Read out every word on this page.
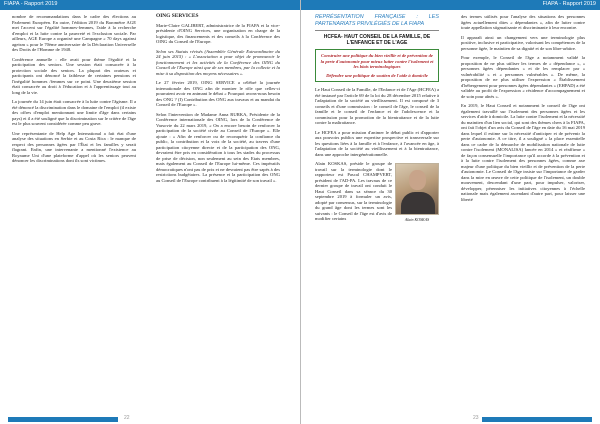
FIAPA - Rapport 2019

nombre de recommandations dans le cadre des élections au Parlement Européen. En outre, l'édition 2019 du Baromètre AGE met l'accent sur l'égalité hommes-femmes, l'aide à la recherche d'emploi et la lutte contre la pauvreté et l'exclusion sociale. Par ailleurs, AGE Europe a organisé une Campagne « 70 days against ageism » pour le 70ème anniversaire de la Déclaration Universelle des Droits de l'Homme de 1948.

Conférence annuelle : elle avait pour thème l'égalité et la participation des seniors. Une session était consacrée à la protection sociale des seniors. La plupart des orateurs et participants ont dénoncé la faiblesse de certaines pensions et l'inégalité hommes /femmes sur ce point. Une deuxième session était consacrée au droit à l'éducation et à l'apprentissage tout au long de la vie.

La journée du 14 juin était consacrée à la lutte contre l'âgisme. Il a été dénoncé la discrimination dans le domaine de l'emploi (il existe des offres d'emploi mentionnant une limite d'âge dans certains pays) et il a été souligné que la discrimination sur le critère de l'âge est le plus souvent considérée comme peu grave.

Une représentante de Help Age International a fait état d'une analyse des situations en Serbie et au Costa Rica : le manque de respect des personnes âgées par l'État et les familles y serait flagrant. Enfin, une intervenante a mentionné l'existence au Royaume Uni d'une plateforme d'appel où les seniors peuvent dénoncer les discriminations dont ils sont victimes.

OING SERVICES

Marie-Claire GALIBERT, administratrice de la FIAPA et la vice-présidente d'OING Services, une organisation en charge de la logistique, des financements et des conseils à la Conférence des OING du Conseil de l'Europe.

Selon ses Statuts révisés (Assemblée Générale Extraordinaire du 24 juin 2015) : « L'association a pour objet de promouvoir le fonctionnement et les activités de la Conférence des OING du Conseil de l'Europe ainsi que de ses membres, par la collecte et la mise à sa disposition des moyens nécessaires ».

Le 27 février 2019, OING SERVICE a célébré la journée internationale des ONG afin de montrer le rôle que celles-ci pourraient avoir en animant le débat « Pourquoi avons-nous besoin des ONG ? (I) Contribution des ONG aux travaux et au mandat du Conseil de l'Europe ».

Selon l'intervention de Madame Anna RURKA, Présidente de la Conférence internationale des OING, lors de la Conférence de Varsovie du 22 mars 2019, « On a encore besoin de renforcer la participation de la société civile au Conseil de l'Europe ». Elle ajoute : « Afin de renforcer ou de reconquérir la confiance du public, la contribution et la voix de la société, au travers d'une participation citoyenne directe et de la participation des ONG, devraient être pris en considération à tous les stades du processus de prise de décision, non seulement au sein des Etats membres, mais également au Conseil de l'Europe lui-même. Ces impératifs démocratiques n'ont pas de prix et ne devraient pas être sapés à des restrictions budgétaires. La présence et la participation des ONG au Conseil de l'Europe contribuent à la légitimité de son travail ».

22
FIAPA - Rapport 2019
REPRÉSENTATION FRANÇAISE : LES PARTENARIATS PRIVILÉGIÉS DE LA FIAPA
HCFEA- HAUT CONSEIL DE LA FAMILLE, DE L'ENFANCE ET DE L'AGE

Construire une politique du bien vieillir et de prévention de la perte d'autonomie pour mieux lutter contre l'isolement et les biais terminologiques

Défendre une politique de soutien de l'aide à domicile

Le Haut Conseil de la Famille, de l'Enfance et de l'Age (HCFEA) a été instauré par l'article 69 de la loi du 28 décembre 2015 relative à l'adaptation de la société au vieillissement. Il est composé de 3 conseils et d'une commission : le conseil de l'âge, le conseil de la famille et le conseil de l'enfance et de l'adolescence et la commission pour la promotion de la bientraitance et de la lutte contre la maltraitance.

Le HCFEA a pour mission d'animer le débat public et d'apporter aux pouvoirs publics une expertise prospective et transversale sur les questions liées à la famille et à l'enfance, à l'avancée en âge, à l'adaptation de la société au vieillissement et à la bientraitance, dans une approche intergénérationnelle.

Alain KOSKAS

Alain KOSKAS, préside le groupe de travail sur la terminologie dont le rapporteur est Pascal CHAMPVERT, président de l'AD-PA. Les travaux de ce dernier groupe de travail ont conduit le Haut Conseil dans sa séance du 30 septembre 2019 à formuler un avis, adopté par consensus, sur la terminologie du grand âge dont les termes sont les suivants : le Conseil de l'âge est d'avis de modifier certains

des termes utilisés pour l'analyse des situations des personnes âgées actuellement dites « dépendantes », afin de lutter contre toute appellation stigmatisante et discriminante à leur encontre.

Il apparaît ainsi un changement vers une terminologie plus positive, inclusive et participative, valorisant les compétences de la personne âgée, le maintien de sa dignité et de son libre-arbitre.

Pour exemple, le Conseil de l'âge a notamment validé la proposition de ne plus utiliser les termes de « dépendance », « personnes âgées dépendantes » et de les remplacer par « vulnérabilité » et « personnes vulnérables ». De même, la proposition de ne plus utiliser l'expression « Établissement d'hébergement pour personnes âgées dépendantes » (EHPAD) a été validée au profit de l'expression « résidence d'accompagnement et de soin pour aînés ».

En 2019, le Haut Conseil et notamment le conseil de l'âge ont également travaillé sur l'isolement des personnes âgées et les services d'aide à domicile. La lutte contre l'isolement et la nécessité du maintien d'un lien social, qui sont des thèmes chers à la FIAPA, ont fait l'objet d'un avis du Conseil de l'âge en date du 16 mai 2019 dans lequel il estime sur la nécessité d'anticiper et de prévenir la perte d'autonomie. A ce titre, il a souligné « la place essentielle dans ce cadre de la démarche de mobilisation nationale de lutte contre l'isolement (MONALISA) lancée en 2014 » et réaffirme « de façon consensuelle l'importance qu'il accorde à la prévention et à la lutte contre l'isolement des personnes âgées, comme axe majeur d'une politique du bien vieillir et de prévention de la perte d'autonomie. Le Conseil de l'âge insiste sur l'importance de garder dans la mire en œuvre de cette politique de l'isolement, un double mouvement, descendant d'une part, pour impulser, valoriser, développer, pérenniser les initiatives citoyennes à l'échelle nationale mais également ascendant d'autre part, pour laisser une liberté

23
